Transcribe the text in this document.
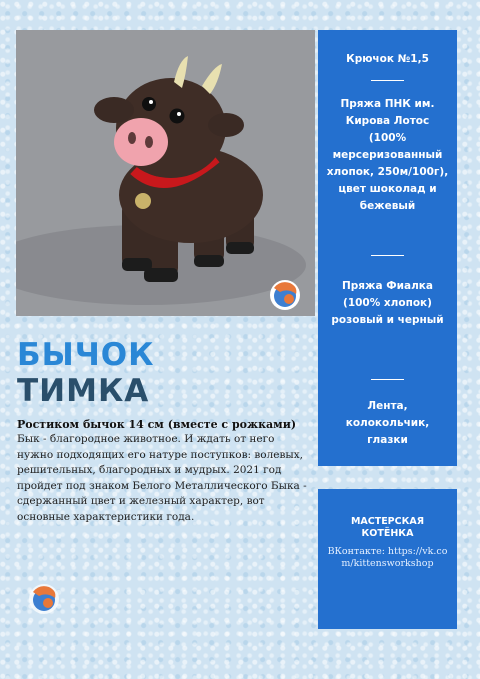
Крючок №1,5
Пряжа ПНК им. Кирова Лотос (100% мерсеризованный хлопок, 250м/100г), цвет шоколад и бежевый
Пряжа Фиалка (100% хлопок) розовый и черный
Лента, колокольчик, глазки
БЫЧОК
ТИМКА

Ростиком бычок 14 см (вместе с рожками)

Бык - благородное животное. И ждать от него нужно подходящих его натуре поступков: волевых, решительных, благородных и мудрых. 2021 год пройдет под знаком Белого Металлического Быка - сдержанный цвет и железный характер, вот основные характеристики года.	МАСТЕРСКАЯ КОТЁНКА
ВКонтакте: https://vk.com/kittensworkshop
